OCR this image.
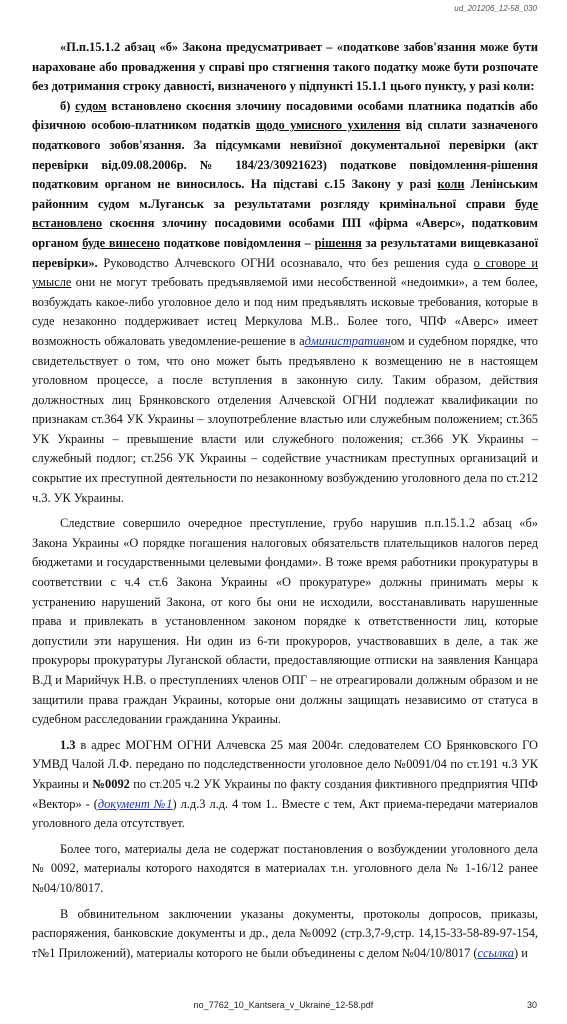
ud_201206_12-58_030

«П.п.15.1.2 абзац «б» Закона предусматривает – «податкове забов'язання може бути нараховане або провадження у справі про стягнення такого податку може бути розпочате без дотримання строку давності, визначеного у підпункті 15.1.1 цього пункту, у разі коли:

б) судом встановлено скоєння злочину посадовими особами платника податків або фізичною особою-платником податків щодо умисного ухилення від сплати зазначеного податкового зобов'язання. За підсумками невиїзної документальної перевірки (акт перевірки від.09.08.2006р. № 184/23/30921623) податкове повідомлення-рішення податковим органом не виносилось. На підставі с.15 Закону у разі коли Ленінським районним судом м.Луганськ за результатами розгляду кримінальної справи буде встановлено скоєння злочину посадовими особами ПП «фірма «Аверс», податковим органом буде винесено податкове повідомлення – рішення за результатами вищевказаної перевірки». Руководство Алчевского ОГНИ осознавало, что без решения суда о сговоре и умысле они не могут требовать предъявляемой ими несобственной «недоимки», а тем более, возбуждать какое-либо уголовное дело и под ним предъявлять исковые требования, которые в суде незаконно поддерживает истец Меркулова М.В.. Более того, ЧПФ «Аверс» имеет возможность обжаловать уведомление-решение в административном и судебном порядке, что свидетельствует о том, что оно может быть предъявлено к возмещению не в настоящем уголовном процессе, а после вступления в законную силу. Таким образом, действия должностных лиц Брянковского отделения Алчевской ОГНИ подлежат квалификации по признакам ст.364 УК Украины – злоупотребление властью или служебным положением; ст.365 УК Украины – превышение власти или служебного положения; ст.366 УК Украины – служебный подлог; ст.256 УК Украины – содействие участникам преступных организаций и сокрытие их преступной деятельности по незаконному возбуждению уголовного дела по ст.212 ч.3. УК Украины.

Следствие совершило очередное преступление, грубо нарушив п.п.15.1.2 абзац «б» Закона Украины «О порядке погашения налоговых обязательств плательщиков налогов перед бюджетами и государственными целевыми фондами». В тоже время работники прокуратуры в соответствии с ч.4 ст.6 Закона Украины «О прокуратуре» должны принимать меры к устранению нарушений Закона, от кого бы они не исходили, восстанавливать нарушенные права и привлекать в установленном законом порядке к ответственности лиц, которые допустили эти нарушения. Ни один из 6-ти прокуроров, участвовавших в деле, а так же прокуроры прокуратуры Луганской области, предоставляющие отписки на заявления Канцара В.Д и Марийчук Н.В. о преступлениях членов ОПГ – не отреагировали должным образом и не защитили права граждан Украины, которые они должны защищать независимо от статуса в судебном расследовании гражданина Украины.

1.3 в адрес МОГНМ ОГНИ Алчевска 25 мая 2004г. следователем СО Брянковского ГО УМВД Чалой Л.Ф. передано по подследственности уголовное дело №0091/04 по ст.191 ч.3 УК Украины и №0092 по ст.205 ч.2 УК Украины по факту создания фиктивного предприятия ЧПФ «Вектор» - (документ №1) л.д.3 л.д. 4 том 1.. Вместе с тем, Акт приема-передачи материалов уголовного дела отсутствует.

Более того, материалы дела не содержат постановления о возбуждении уголовного дела № 0092, материалы которого находятся в материалах т.н. уголовного дела № 1-16/12 ранее №04/10/8017.

В обвинительном заключении указаны документы, протоколы допросов, приказы, распоряжения, банковские документы и др., дела №0092 (стр.3,7-9,стр. 14,15-33-58-89-97-154, т№1 Приложений), материалы которого не были объединены с делом №04/10/8017 (ссылка) и

no_7762_10_Kantsera_v_Ukraine_12-58.pdf	30
